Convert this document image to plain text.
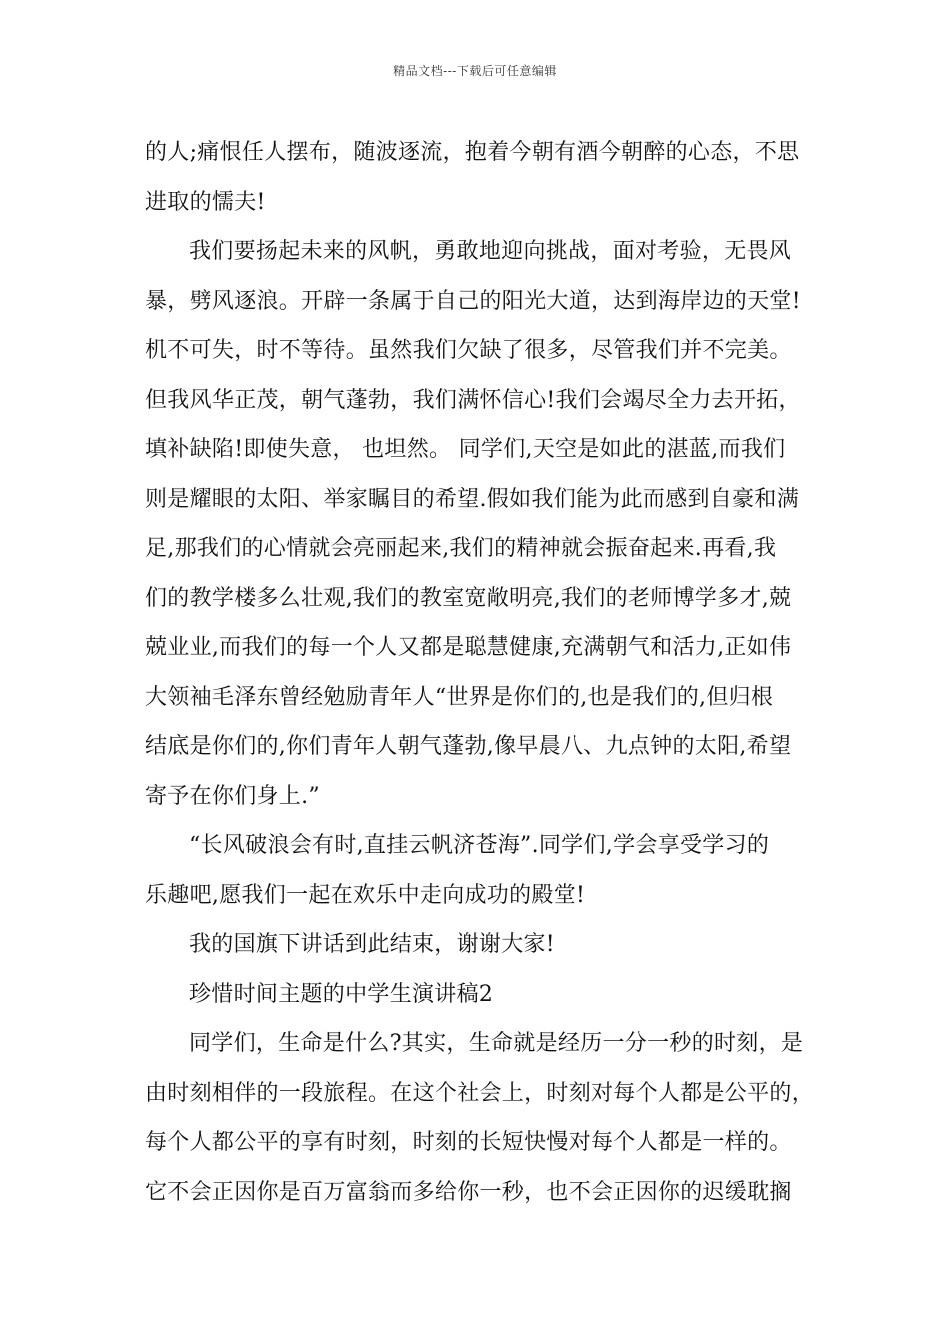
精品文档---下载后可任意编辑
的人;痛恨任人摆布，随波逐流，抱着今朝有酒今朝醉的心态，不思
进取的懦夫!
我们要扬起未来的风帆，勇敢地迎向挑战，面对考验，无畏风
暴，劈风逐浪。开辟一条属于自己的阳光大道，达到海岸边的天堂!
机不可失，时不等待。虽然我们欠缺了很多，尽管我们并不完美。
但我风华正茂，朝气蓬勃，我们满怀信心!我们会竭尽全力去开拓，
填补缺陷!即使失意， 也坦然。 同学们,天空是如此的湛蓝,而我们
则是耀眼的太阳、举家瞩目的希望.假如我们能为此而感到自豪和满
足,那我们的心情就会亮丽起来,我们的精神就会振奋起来.再看,我
们的教学楼多么壮观,我们的教室宽敞明亮,我们的老师博学多才,兢
兢业业,而我们的每一个人又都是聪慧健康,充满朝气和活力,正如伟
大领袖毛泽东曾经勉励青年人“世界是你们的,也是我们的,但归根
结底是你们的,你们青年人朝气蓬勃,像早晨八、九点钟的太阳,希望
寄予在你们身上.”
“长风破浪会有时,直挂云帆济苍海”.同学们,学会享受学习的
乐趣吧,愿我们一起在欢乐中走向成功的殿堂!
我的国旗下讲话到此结束，谢谢大家!
珍惜时间主题的中学生演讲稿2
同学们，生命是什么?其实，生命就是经历一分一秒的时刻，是
由时刻相伴的一段旅程。在这个社会上，时刻对每个人都是公平的，
每个人都公平的享有时刻，时刻的长短快慢对每个人都是一样的。
它不会正因你是百万富翁而多给你一秒，也不会正因你的迟缓耽搁
